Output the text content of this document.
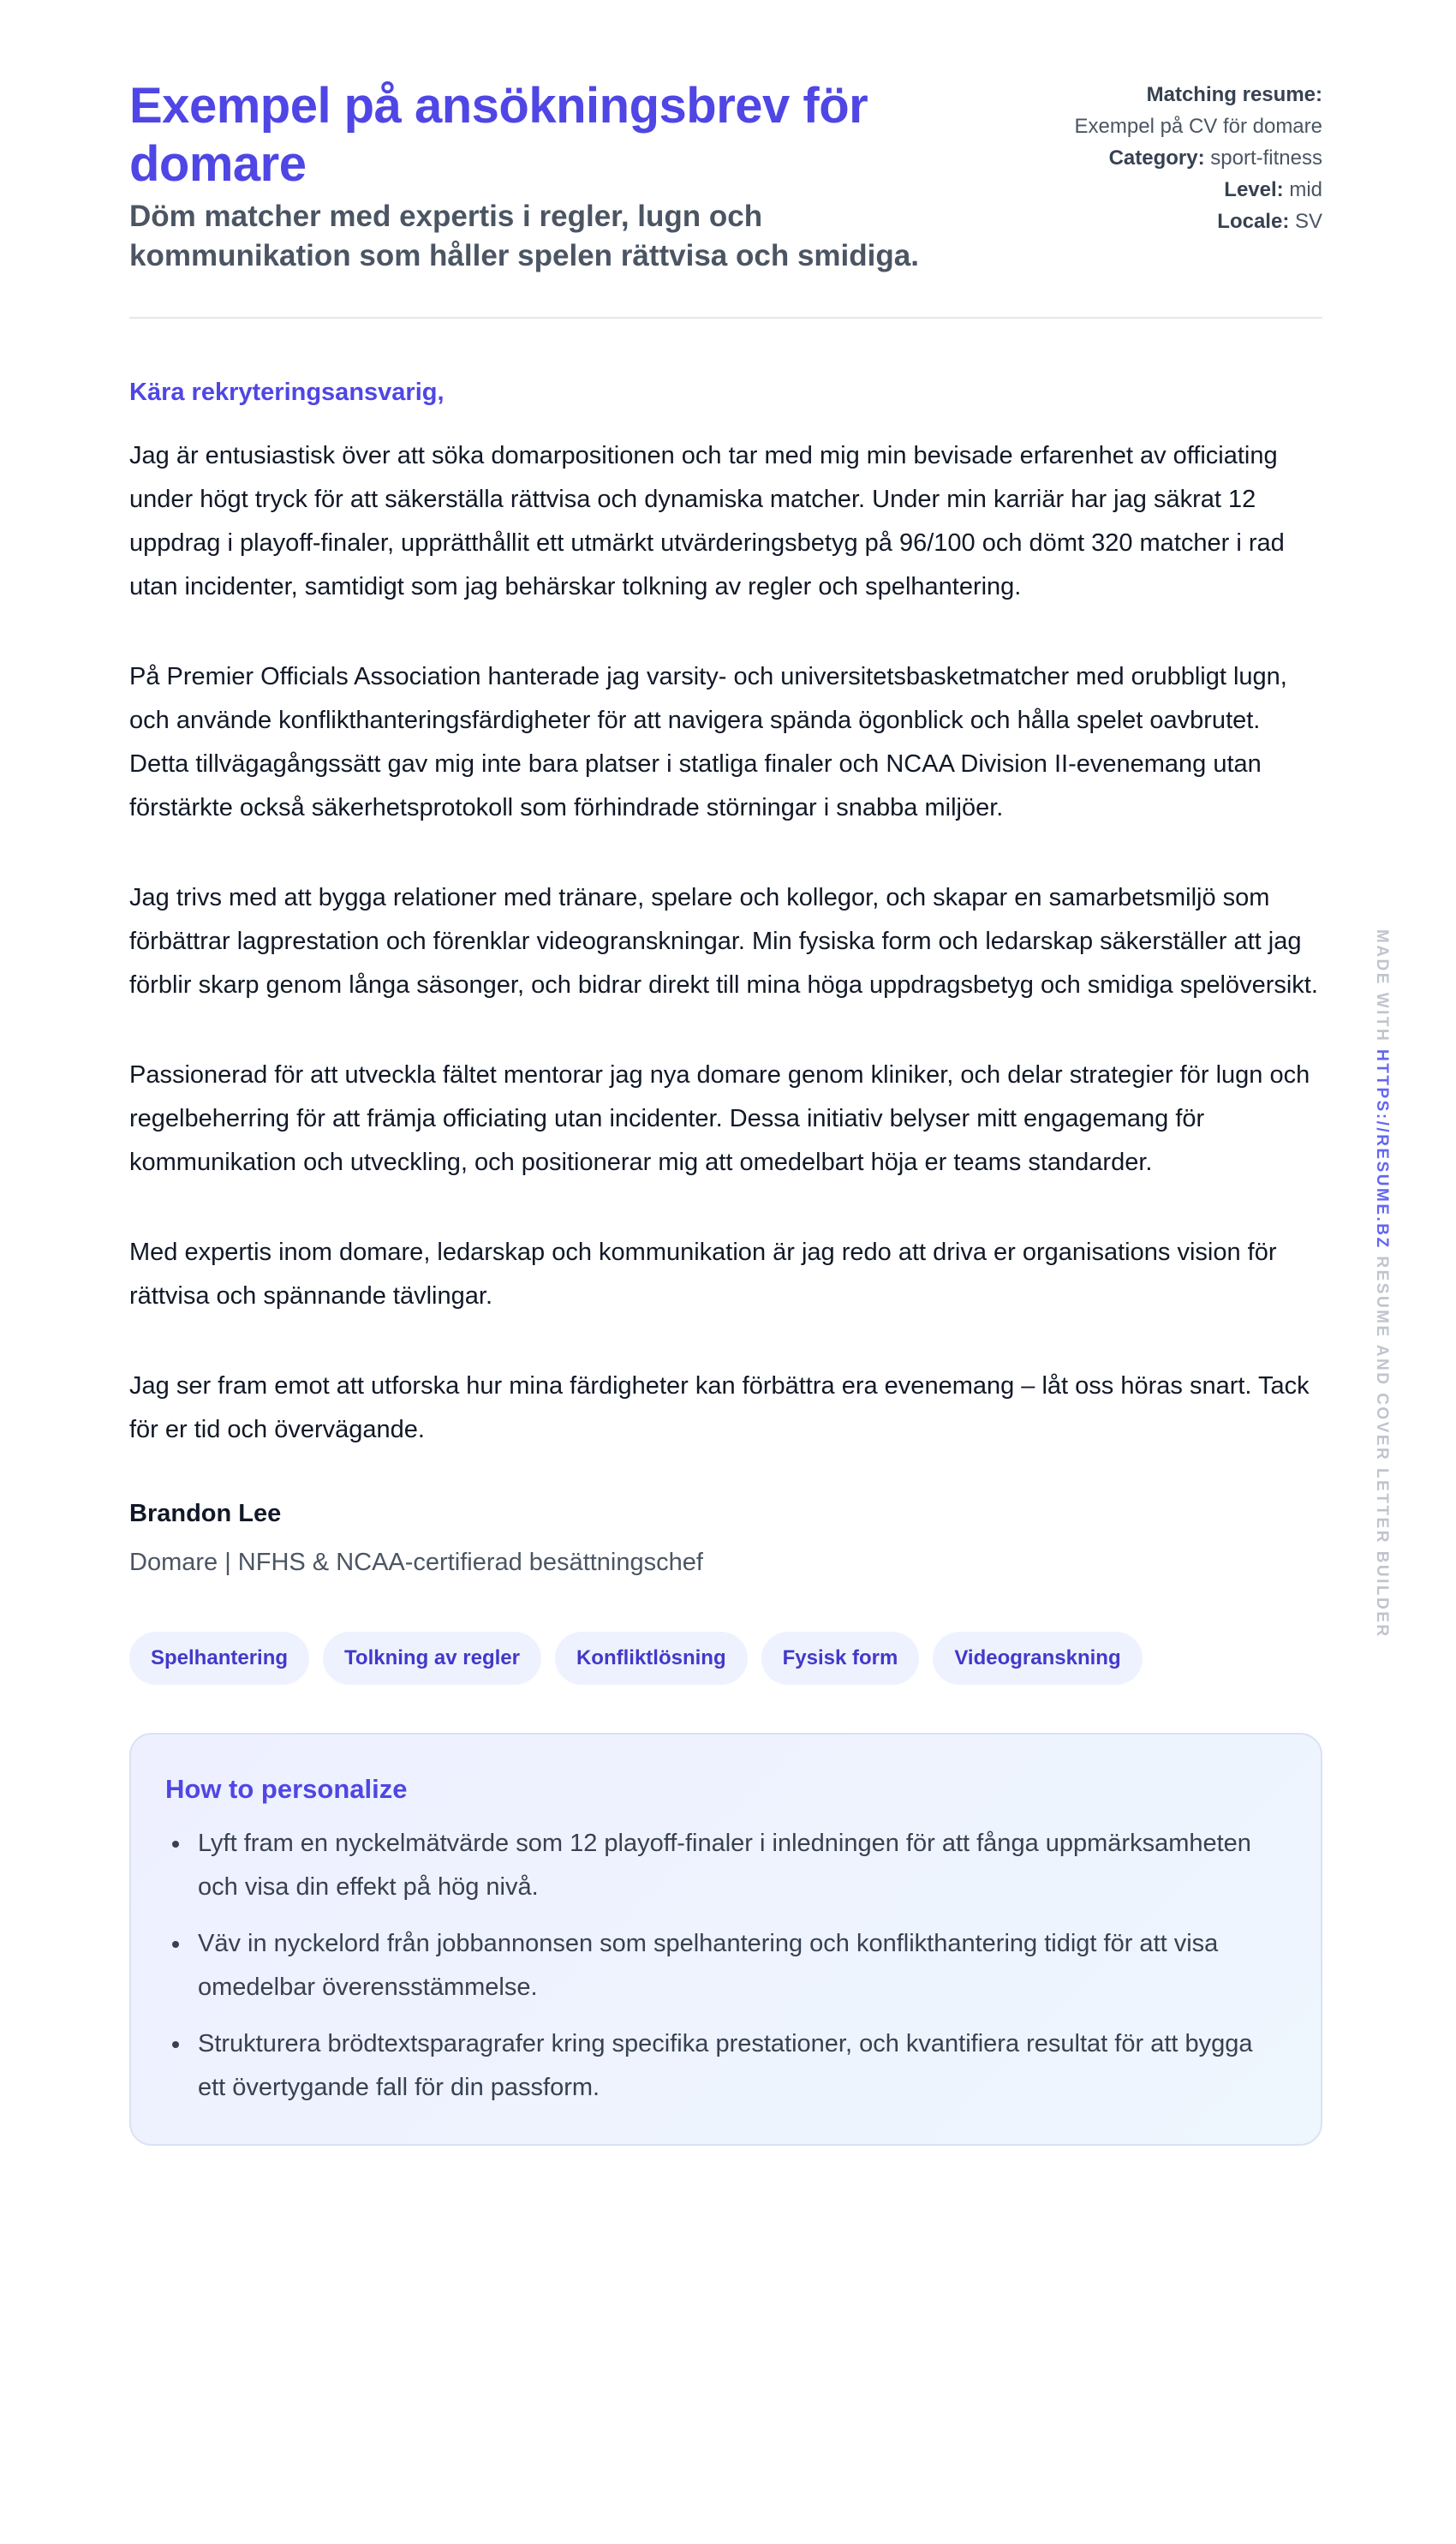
Exempel på ansökningsbrev för domare
Döm matcher med expertis i regler, lugn och kommunikation som håller spelen rättvisa och smidiga.
Matching resume:
Exempel på CV för domare
Category: sport-fitness
Level: mid
Locale: SV
Kära rekryteringsansvarig,

Jag är entusiastisk över att söka domarpositionen och tar med mig min bevisade erfarenhet av officiating under högt tryck för att säkerställa rättvisa och dynamiska matcher. Under min karriär har jag säkrat 12 uppdrag i playoff-finaler, upprätthållit ett utmärkt utvärderingsbetyg på 96/100 och dömt 320 matcher i rad utan incidenter, samtidigt som jag behärskar tolkning av regler och spelhantering.

På Premier Officials Association hanterade jag varsity- och universitetsbasketmatcher med orubbligt lugn, och använde konflikthanteringsfärdigheter för att navigera spända ögonblick och hålla spelet oavbrutet. Detta tillvägagångssätt gav mig inte bara platser i statliga finaler och NCAA Division II-evenemang utan förstärkte också säkerhetsprotokoll som förhindrade störningar i snabba miljöer.

Jag trivs med att bygga relationer med tränare, spelare och kollegor, och skapar en samarbetsmiljö som förbättrar lagprestation och förenklar videogranskningar. Min fysiska form och ledarskap säkerställer att jag förblir skarp genom långa säsonger, och bidrar direkt till mina höga uppdragsbetyg och smidiga spelöversikt.

Passionerad för att utveckla fältet mentorar jag nya domare genom kliniker, och delar strategier för lugn och regelbeherring för att främja officiating utan incidenter. Dessa initiativ belyser mitt engagemang för kommunikation och utveckling, och positionerar mig att omedelbart höja er teams standarder.

Med expertis inom domare, ledarskap och kommunikation är jag redo att driva er organisations vision för rättvisa och spännande tävlingar.

Jag ser fram emot att utforska hur mina färdigheter kan förbättra era evenemang – låt oss höras snart. Tack för er tid och övervägande.

Brandon Lee
Domare | NFHS & NCAA-certifierad besättningschef
Spelhantering	Tolkning av regler	Konfliktlösning	Fysisk form	Videogranskning
How to personalize
Lyft fram en nyckelmätvärde som 12 playoff-finaler i inledningen för att fånga uppmärksamheten och visa din effekt på hög nivå.
Väv in nyckelord från jobbannonsen som spelhantering och konflikthantering tidigt för att visa omedelbar överensstämmelse.
Strukturera brödtextsparagrafer kring specifika prestationer, och kvantifiera resultat för att bygga ett övertygande fall för din passform.
MADE WITH HTTPS://RESUME.BZ RESUME AND COVER LETTER BUILDER
